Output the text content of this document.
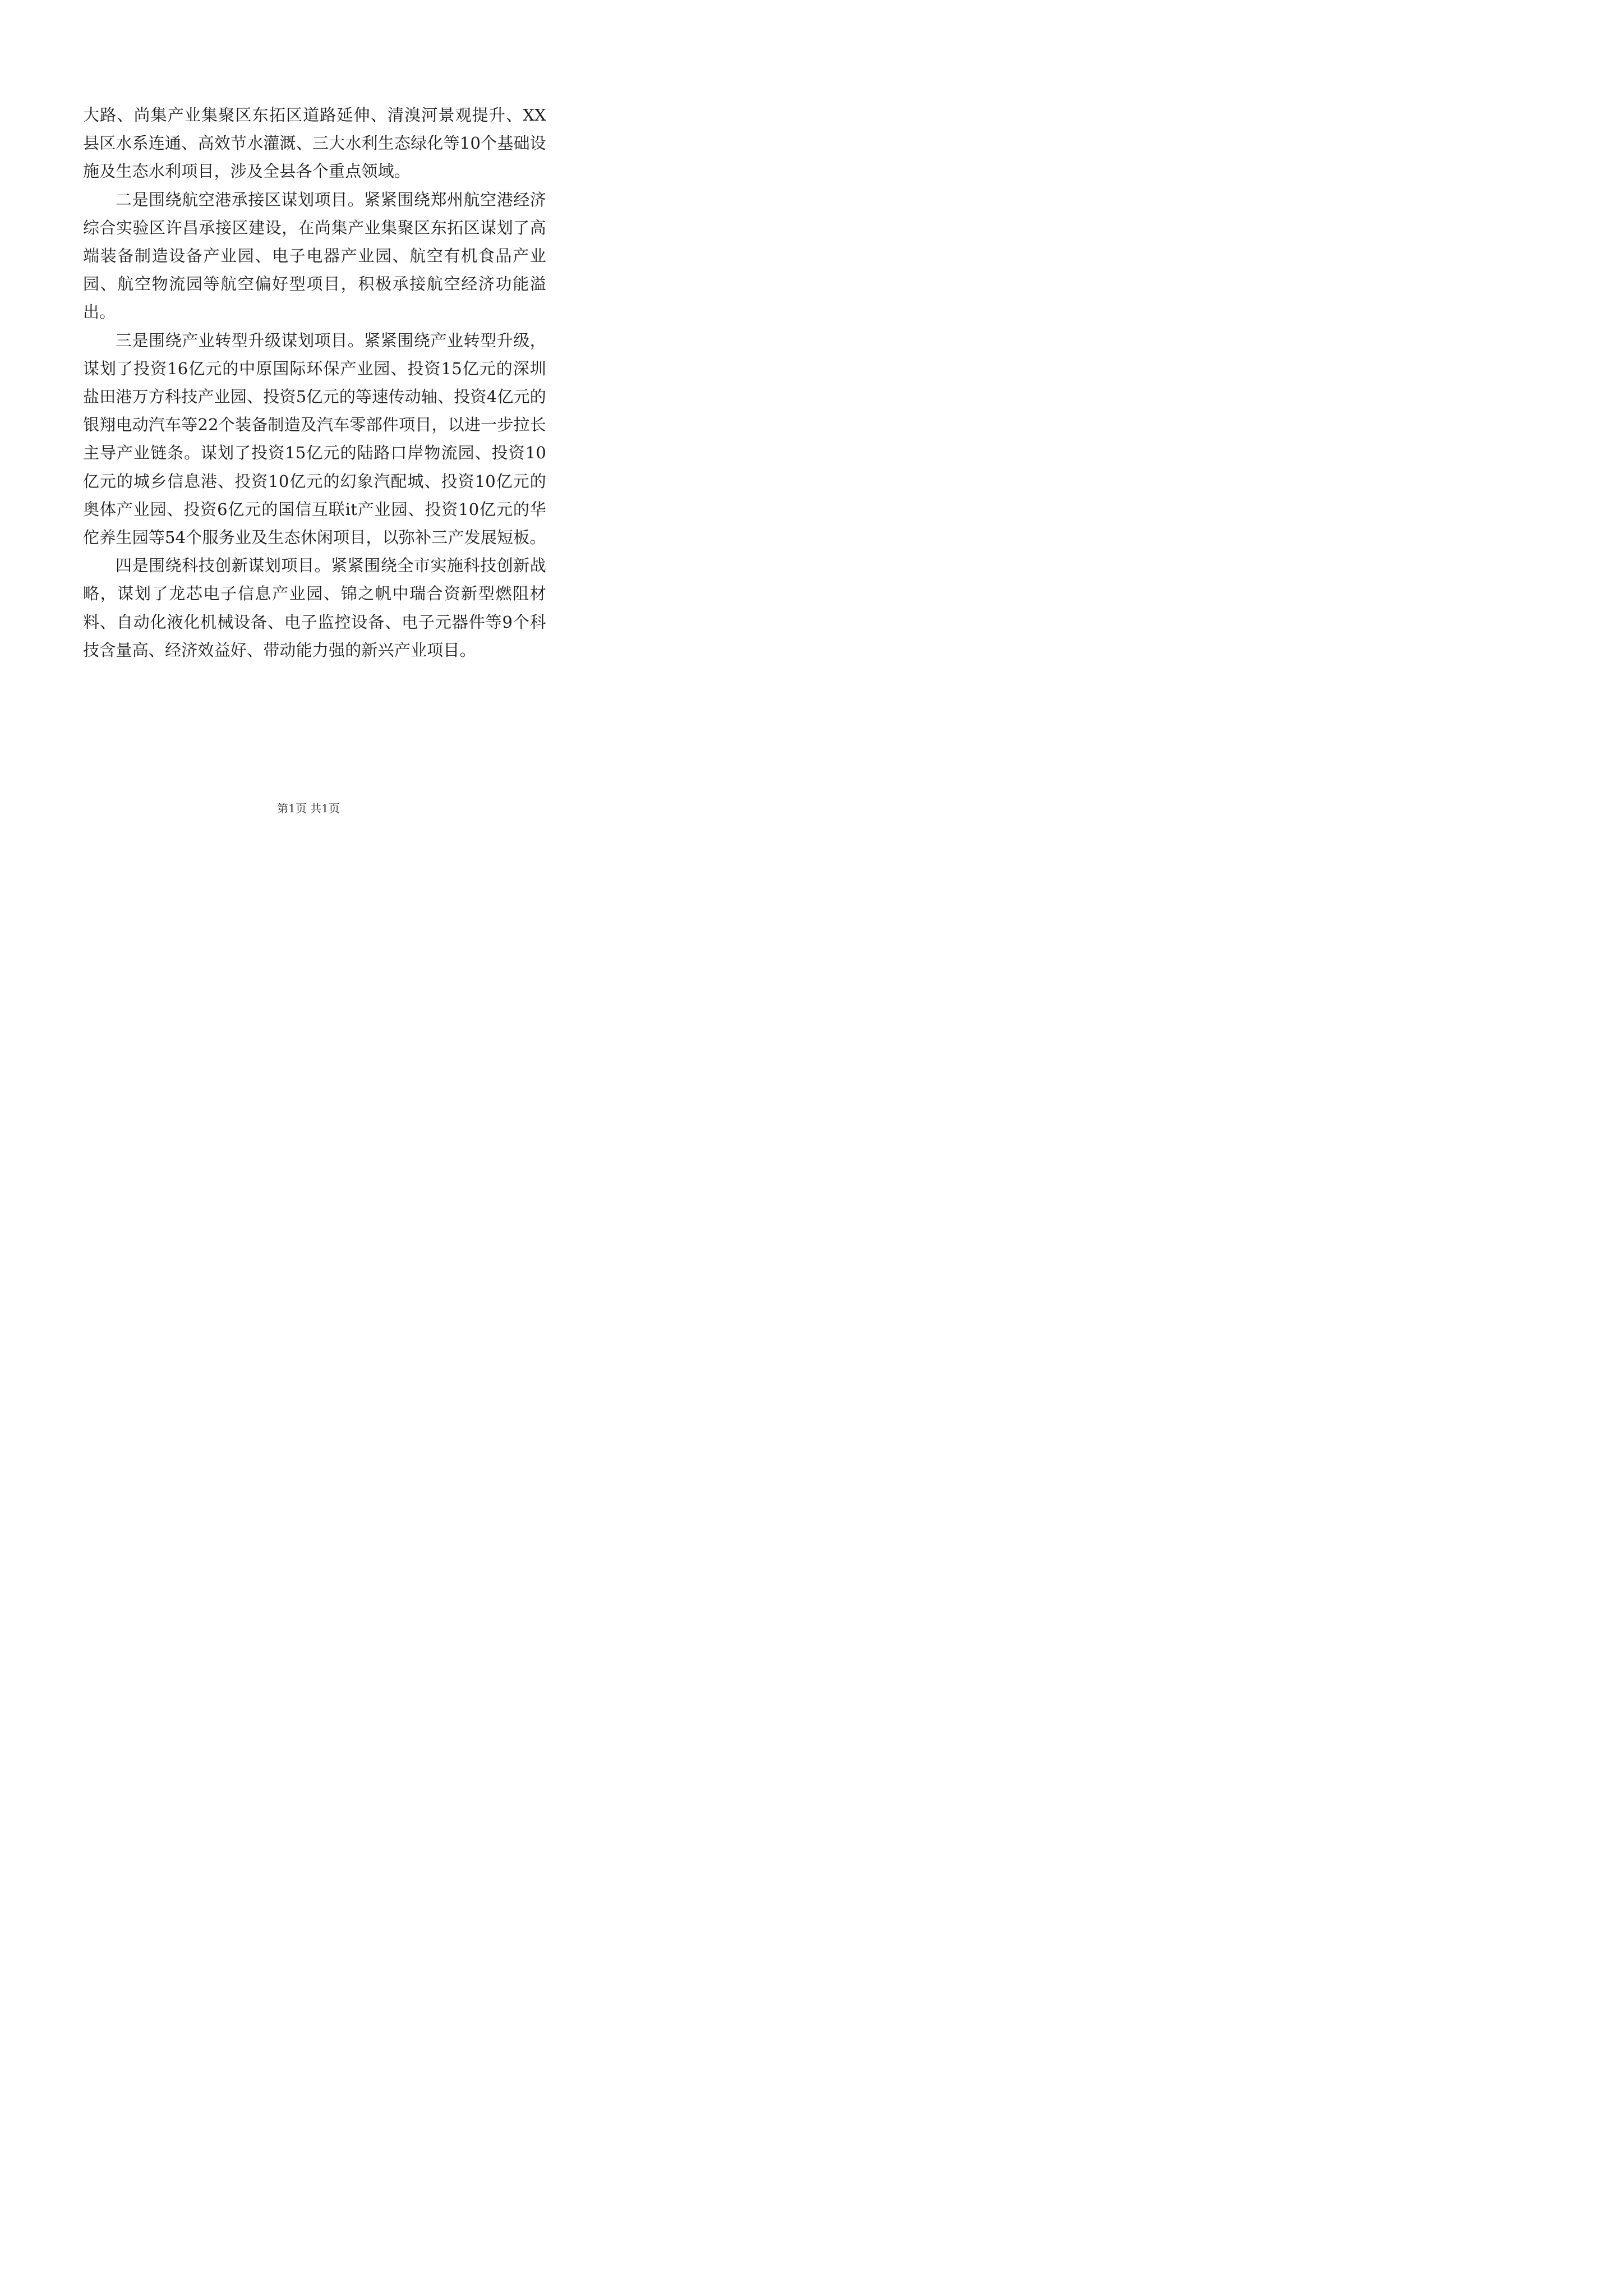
大路、尚集产业集聚区东拓区道路延伸、清溴河景观提升、XX县区水系连通、高效节水灌溉、三大水利生态绿化等10个基础设施及生态水利项目，涉及全县各个重点领域。

二是围绕航空港承接区谋划项目。紧紧围绕郑州航空港经济综合实验区许昌承接区建设，在尚集产业集聚区东拓区谋划了高端装备制造设备产业园、电子电器产业园、航空有机食品产业园、航空物流园等航空偏好型项目，积极承接航空经济功能溢出。

三是围绕产业转型升级谋划项目。紧紧围绕产业转型升级，谋划了投资16亿元的中原国际环保产业园、投资15亿元的深圳盐田港万方科技产业园、投资5亿元的等速传动轴、投资4亿元的银翔电动汽车等22个装备制造及汽车零部件项目，以进一步拉长主导产业链条。谋划了投资15亿元的陆路口岸物流园、投资10亿元的城乡信息港、投资10亿元的幻象汽配城、投资10亿元的奥体产业园、投资6亿元的国信互联it产业园、投资10亿元的华佗养生园等54个服务业及生态休闲项目，以弥补三产发展短板。

四是围绕科技创新谋划项目。紧紧围绕全市实施科技创新战略，谋划了龙芯电子信息产业园、锦之帆中瑞合资新型燃阻材料、自动化液化机械设备、电子监控设备、电子元器件等9个科技含量高、经济效益好、带动能力强的新兴产业项目。

第1页 共1页
